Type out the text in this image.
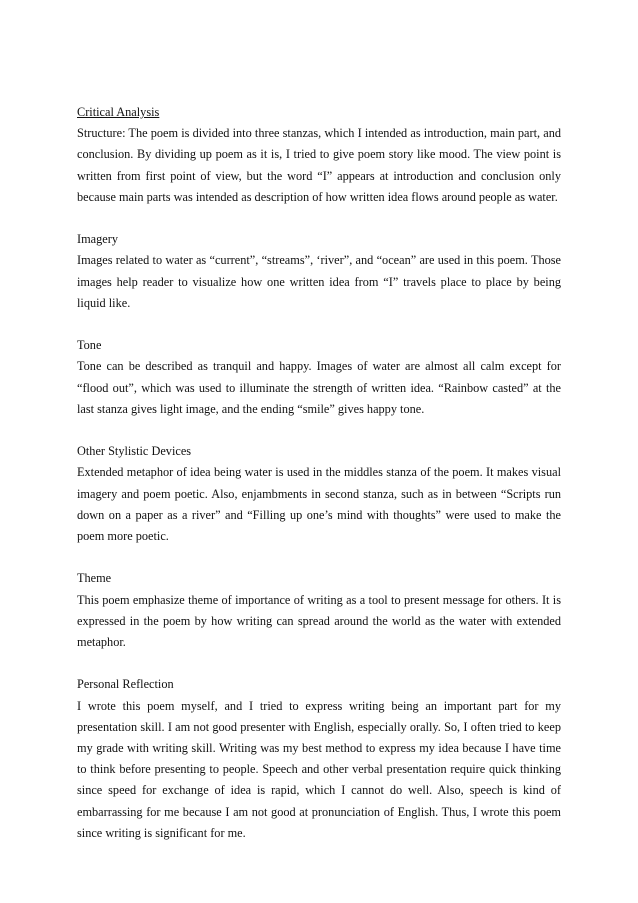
Critical Analysis

Structure: The poem is divided into three stanzas, which I intended as introduction, main part, and conclusion. By dividing up poem as it is, I tried to give poem story like mood. The view point is written from first point of view, but the word “I” appears at introduction and conclusion only because main parts was intended as description of how written idea flows around people as water.

Imagery

Images related to water as “current”, “streams”, ‘river”, and “ocean” are used in this poem. Those images help reader to visualize how one written idea from “I” travels place to place by being liquid like.

Tone

Tone can be described as tranquil and happy. Images of water are almost all calm except for “flood out”, which was used to illuminate the strength of written idea. “Rainbow casted” at the last stanza gives light image, and the ending “smile” gives happy tone.

Other Stylistic Devices

Extended metaphor of idea being water is used in the middles stanza of the poem. It makes visual imagery and poem poetic. Also, enjambments in second stanza, such as in between “Scripts run down on a paper as a river” and “Filling up one’s mind with thoughts” were used to make the poem more poetic.

Theme

This poem emphasize theme of importance of writing as a tool to present message for others. It is expressed in the poem by how writing can spread around the world as the water with extended metaphor.

Personal Reflection

I wrote this poem myself, and I tried to express writing being an important part for my presentation skill. I am not good presenter with English, especially orally. So, I often tried to keep my grade with writing skill. Writing was my best method to express my idea because I have time to think before presenting to people. Speech and other verbal presentation require quick thinking since speed for exchange of idea is rapid, which I cannot do well. Also, speech is kind of embarrassing for me because I am not good at pronunciation of English. Thus, I wrote this poem since writing is significant for me.
